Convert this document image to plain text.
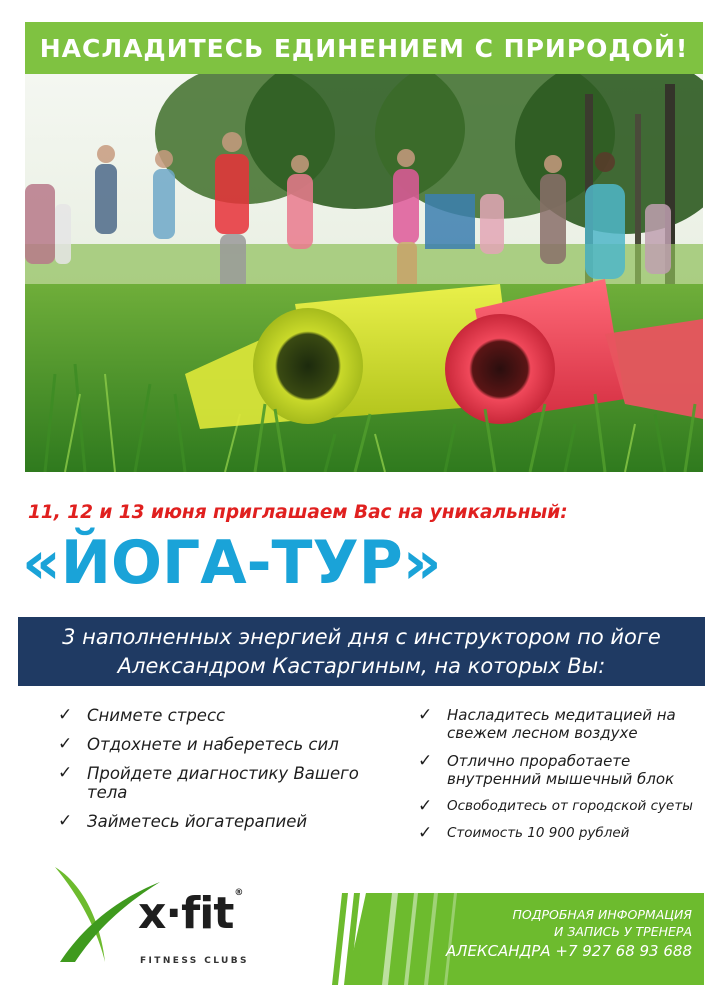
НАСЛАДИТЕСЬ ЕДИНЕНИЕМ С ПРИРОДОЙ!
11, 12 и 13 июня приглашаем Вас на уникальный:
«ЙОГА-ТУР»
3 наполненных энергией дня с инструктором по йоге
Александром Кастаргиным, на которых Вы:
✓ Снимете стресс
✓ Отдохнете и наберетесь сил
✓ Пройдете диагностику Вашего тела
✓ Займетесь йогатерапией
✓ Насладитесь медитацией на свежем лесном воздухе
✓ Отлично проработаете внутренний мышечный блок
✓ Освободитесь от городской суеты
✓ Стоимость 10 900 рублей
x·fit®
FITNESS CLUBS
ПОДРОБНАЯ ИНФОРМАЦИЯ
И ЗАПИСЬ У ТРЕНЕРА
АЛЕКСАНДРА +7 927 68 93 688
